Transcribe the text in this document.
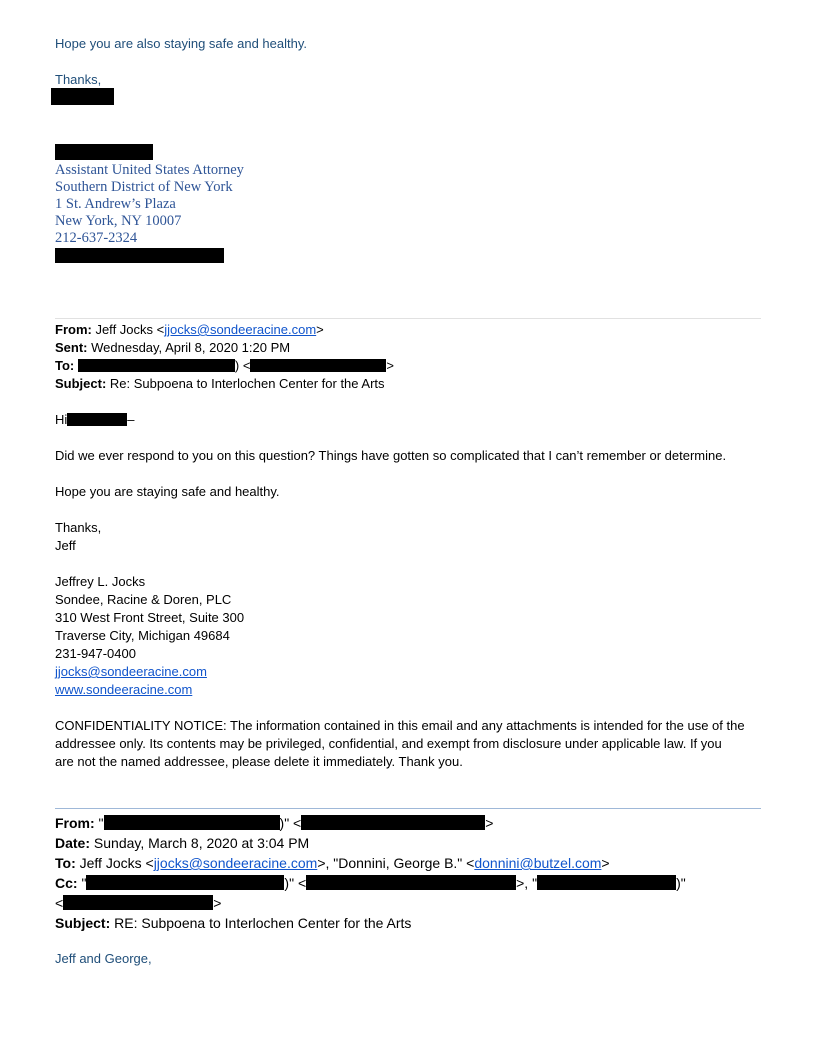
Hope you are also staying safe and healthy.
Thanks,
Assistant United States Attorney
Southern District of New York
1 St. Andrew’s Plaza
New York, NY 10007
212-637-2324
From: Jeff Jocks <jjocks@sondeeracine.com>
Sent: Wednesday, April 8, 2020 1:20 PM
To:	) <	>
Subject: Re: Subpoena to Interlochen Center for the Arts
Hi	–
Did we ever respond to you on this question? Things have gotten so complicated that I can’t remember or determine.
Hope you are staying safe and healthy.
Thanks,
Jeff
Jeffrey L. Jocks
Sondee, Racine & Doren, PLC
310 West Front Street, Suite 300
Traverse City, Michigan 49684
231-947-0400
jjocks@sondeeracine.com
www.sondeeracine.com
CONFIDENTIALITY NOTICE: The information contained in this email and any attachments is intended for the use of the
addressee only. Its contents may be privileged, confidential, and exempt from disclosure under applicable law. If you
are not the named addressee, please delete it immediately. Thank you.
From: "	)" <	>
Date: Sunday, March 8, 2020 at 3:04 PM
To: Jeff Jocks <jjocks@sondeeracine.com>, "Donnini, George B." <donnini@butzel.com>
Cc: "	)" <	>, "	)"
<	>
Subject: RE: Subpoena to Interlochen Center for the Arts
Jeff and George,
